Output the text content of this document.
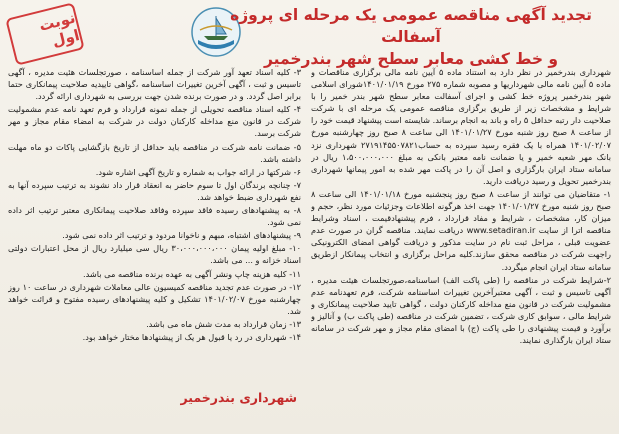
نوبت اول
تجدید آگهی مناقصه عمومی یک مرحله ای پروژه آسفالت
و خط کشی معابر سطح شهر بندرخمیر

شهرداری بندرخمیر در نظر دارد به استناد ماده ۵ آیین نامه مالی برگزاری مناقصات و ماده ۵ آیین نامه مالی شهرداریها و مصوبه شماره ۲۷۵ مورخ ۱۴۰۱/۰۱/۱۹شورای اسلامی شهر بندرخمیر پروژه خط کشی و اجرای آسفالت معابر سطح شهر بندر خمیر را با شرایط و مشخصات زیر از طریق برگزاری مناقصه عمومی یک مرحله ای با شرکت صلاحیت دار رتبه حداقل ۵ راه و باند به انجام برساند. شایسته است پیشنهاد قیمت خود را از ساعت ۸ صبح روز شنبه مورخ ۱۴۰۱/۰۱/۲۷ الی ساعت ۸ صبح روز چهارشنبه مورخ ۱۴۰۱/۰۲/۰۷ همراه با یک فقره رسید سپرده به حساب۲۷۱۹۱۴۵۵۰۷۸۲۱ شهرداری نزد بانک مهر شعبه خمیر و یا ضمانت نامه معتبر بانکی به مبلغ ۱،۵۰۰،۰۰۰،۰۰۰ ریال در سامانه ستاد ایران بارگزاری و اصل آن را در پاکت مهر شده به امور پیمانها شهرداری بندرخمیر تحویل و رسید دریافت دارید.

۱- متقاضیان می توانند از ساعت ۸ صبح روز پنجشنبه مورخ ۱۴۰۱/۰۱/۱۸ الی ساعت ۸ صبح روز شنبه مورخ ۱۴۰۱/۰۱/۲۷ جهت اخذ هرگونه اطلاعات وجزئیات مورد نظر، حجم و میزان کار، مشخصات ، شرایط و مفاد قرارداد ، فرم پیشنهادقیمت ، اسناد وشرایط مناقصه اترا از سایت www.setadiran.ir دریافت نمایند. مناقصه گران در صورت عدم عضویت قبلی ، مراحل ثبت نام در سایت مذکور و دریافت گواهی امضای الکترونیکی راجهت شرکت در مناقصه محقق سازند.کلیه مراحل برگزاری و انتخاب پیمانکار ازطریق سامانه ستاد ایران انجام میگردد.

۲-شرایط شرکت در مناقصه را (طی پاکت الف) اساسنامه،صورتجلسات هیئت مدیره ، آگهی تاسیس و ثبت ، آگهی معتبرآخرین تغییرات اساسنامه شرکت، فرم تعهدنامه عدم مشمولیت شرکت در قانون منع مداخله کارکنان دولت ، گواهی تایید صلاحیت پیمانکاری و شرایط مالی ، سوابق کاری شرکت ، تضمین شرکت در مناقصه (طی پاکت ب) و آنالیز و برآورد و قیمت پیشنهادی را طی پاکت (ج) با امضای مقام مجاز و مهر شرکت در سامانه ستاد ایران بارگذاری نمایند.

۳- کلیه اسناد تعهد آور شرکت از جمله اساسنامه ، صورتجلسات هئیت مدیره ، آگهی تاسیس و ثبت ، آگهی آخرین تغییرات اساسنامه ،گواهی تاییدیه صلاحیت پیمانکاری حتما برابر اصل گردد. و در صورت برنده شدن جهت بررسی به شهرداری ارائه گردد.

۴- کلیه اسناد مناقصه تحویلی از جمله نمونه قرارداد و فرم تعهد نامه عدم مشمولیت شرکت در قانون منع مداخله کارکنان دولت در شرکت به امضاء مقام مجاز و مهر شرکت برسد.

۵- ضمانت نامه شرکت در مناقصه باید حداقل از تاریخ بازگشایی پاکات دو ماه مهلت داشته باشد.

۶- شرکتها در ارائه جواب به شماره و تاریخ آگهی اشاره شود.

۷- چنانچه برندگان اول تا سوم حاضر به انعقاد قرار داد نشوند به ترتیب سپرده آنها به نفع شهرداری ضبط خواهد شد.

۸- به پیشنهادهای رسیده فاقد سپرده وفاقد صلاحیت پیمانکاری معتبر ترتیب اثر داده نمی شود.

۹- پیشنهادهای اشتباه، مبهم و ناخوانا مردود و ترتیب اثر داده نمی شود.

۱۰- مبلغ اولیه پیمان ۳۰،۰۰۰،۰۰۰،۰۰۰ ریال سی میلیارد ریال از محل اعتبارات دولتی اسناد خزانه و ... می باشد.

۱۱- کلیه هزینه چاپ ونشر آگهی به عهده برنده مناقصه می باشد.

۱۲- در صورت عدم تجدید مناقصه کمیسیون عالی معاملات شهرداری در ساعت ۱۰ روز چهارشنبه مورخ ۱۴۰۱/۰۲/۰۷ تشکیل و کلیه پیشنهادهای رسیده مفتوح و قرائت خواهد شد.

۱۳- زمان قرارداد به مدت شش ماه می باشد.

۱۴- شهرداری در رد یا قبول هر یک از پیشنهادها مختار خواهد بود.

شهرداری بندرخمیر
